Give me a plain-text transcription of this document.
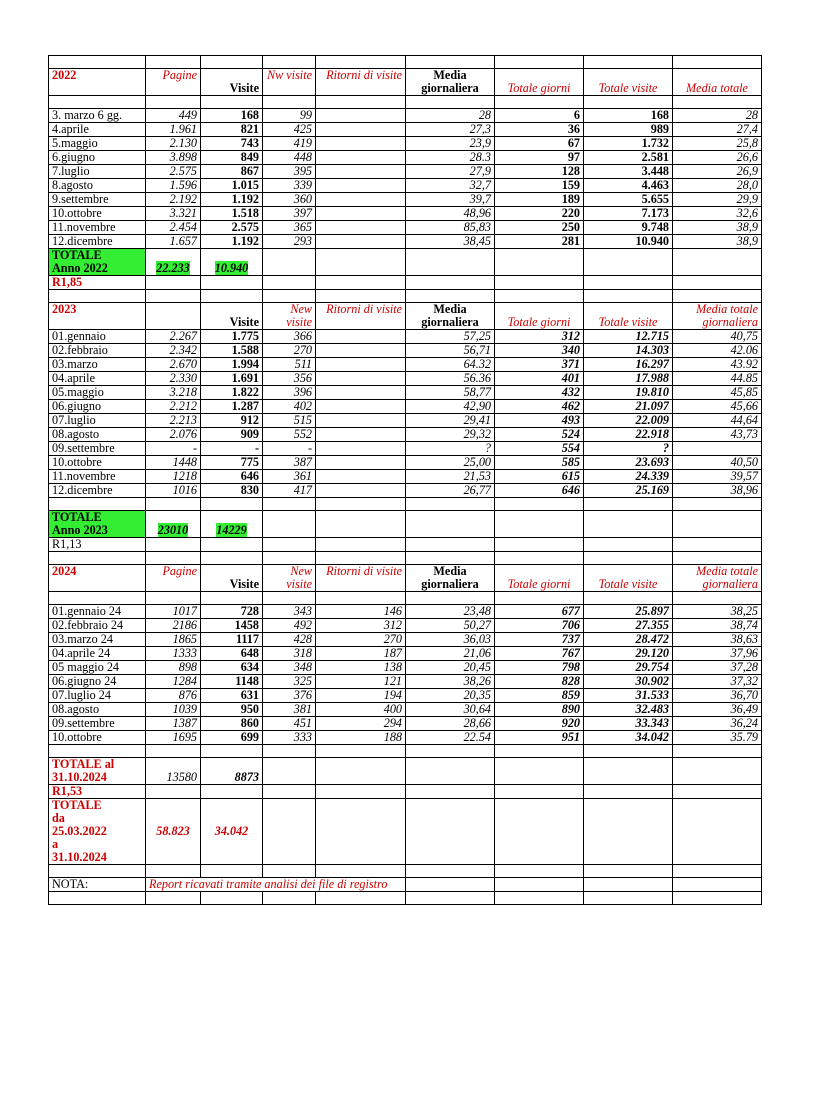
2022	Pagine	Visite	Nw visite	Ritorni di visite	Media giornaliera	Totale giorni	Totale visite	Media totale

3. marzo 6 gg.	449	168	99		28	6	168	28
4.aprile	1.961	821	425		27,3	36	989	27,4
5.maggio	2.130	743	419		23,9	67	1.732	25,8
6.giugno	3.898	849	448		28.3	97	2.581	26,6
7.luglio	2.575	867	395		27,9	128	3.448	26,9
8.agosto	1.596	1.015	339		32,7	159	4.463	28,0
9.settembre	2.192	1.192	360		39,7	189	5.655	29,9
10.ottobre	3.321	1.518	397		48,96	220	7.173	32,6
11.novembre	2.454	2.575	365		85,83	250	9.748	38,9
12.dicembre	1.657	1.192	293		38,45	281	10.940	38,9
TOTALE
Anno 2022	22.233	10.940						
R1,85								

2023		Visite	New visite	Ritorni di visite	Media giornaliera	Totale giorni	Totale visite	Media totale giornaliera
01.gennaio	2.267	1.775	366		57,25	312	12.715	40,75
02.febbraio	2.342	1.588	270		56,71	340	14.303	42.06
03.marzo	2.670	1.994	511		64.32	371	16.297	43.92
04.aprile	2.330	1.691	356		56.36	401	17.988	44.85
05.maggio	3.218	1.822	396		58,77	432	19.810	45,85
06.giugno	2.212	1.287	402		42,90	462	21.097	45,66
07.luglio	2.213	912	515		29,41	493	22.009	44,64
08.agosto	2.076	909	552		29,32	524	22.918	43,73
09.settembre	-	-	-		?	554	?	
10.ottobre	1448	775	387		25,00	585	23.693	40,50
11.novembre	1218	646	361		21,53	615	24.339	39,57
12.dicembre	1016	830	417		26,77	646	25.169	38,96

TOTALE
Anno 2023	23010	14229						
R1,13								

2024	Pagine	Visite	New visite	Ritorni di visite	Media giornaliera	Totale giorni	Totale visite	Media totale giornaliera

01.gennaio 24	1017	728	343	146	23,48	677	25.897	38,25
02.febbraio 24	2186	1458	492	312	50,27	706	27.355	38,74
03.marzo 24	1865	1117	428	270	36,03	737	28.472	38,63
04.aprile 24	1333	648	318	187	21,06	767	29.120	37,96
05 maggio 24	898	634	348	138	20,45	798	29.754	37,28
06.giugno 24	1284	1148	325	121	38,26	828	30.902	37,32
07.luglio 24	876	631	376	194	20,35	859	31.533	36,70
08.agosto	1039	950	381	400	30,64	890	32.483	36,49
09.settembre	1387	860	451	294	28,66	920	33.343	36,24
10.ottobre	1695	699	333	188	22.54	951	34.042	35.79

TOTALE al
31.10.2024	13580	8873						
R1,53								
TOTALE
da
25.03.2022
a
31.10.2024	58.823	34.042						

NOTA:	Report ricavati tramite analisi dei file di registro							
